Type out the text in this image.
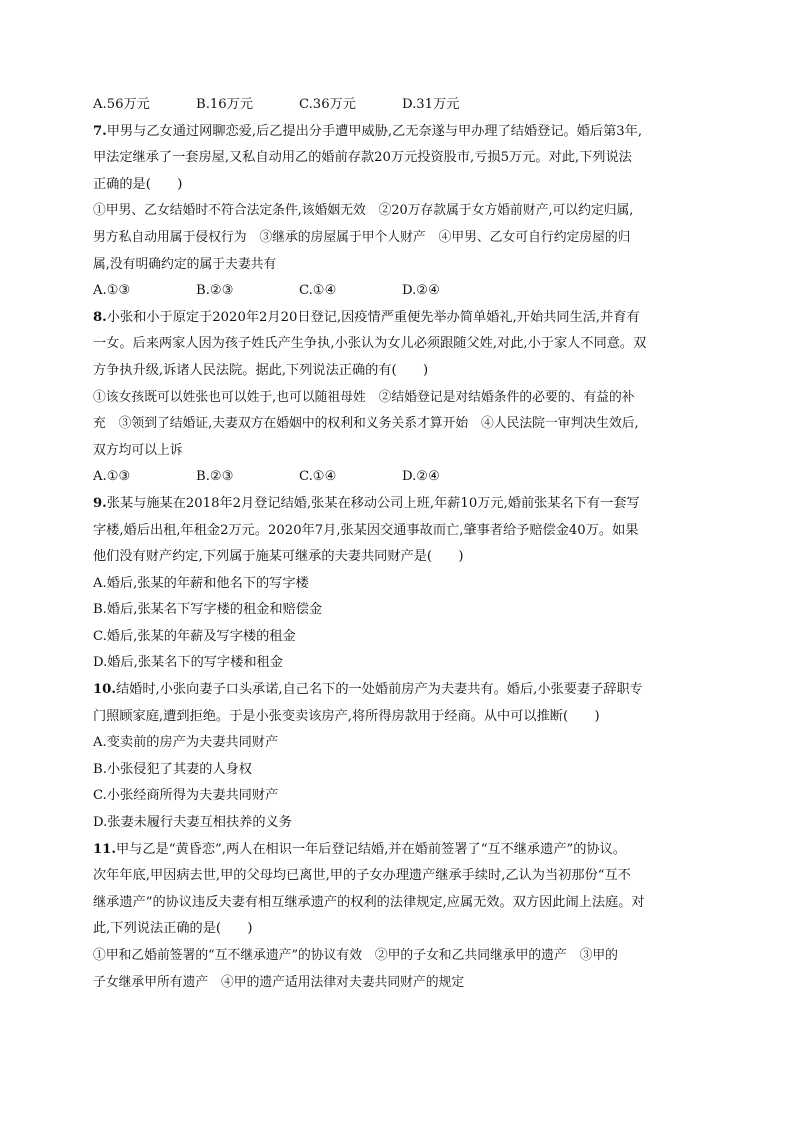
A.56万元	B.16万元	C.36万元	D.31万元
7.甲男与乙女通过网聊恋爱,后乙提出分手遭甲威胁,乙无奈遂与甲办理了结婚登记。婚后第3年,
甲法定继承了一套房屋,又私自动用乙的婚前存款20万元投资股市,亏损5万元。对此,下列说法
正确的是(　　)
①甲男、乙女结婚时不符合法定条件,该婚姻无效　②20万存款属于女方婚前财产,可以约定归属,
男方私自动用属于侵权行为　③继承的房屋属于甲个人财产　④甲男、乙女可自行约定房屋的归
属,没有明确约定的属于夫妻共有
A.①③	B.②③	C.①④	D.②④
8.小张和小于原定于2020年2月20日登记,因疫情严重便先举办简单婚礼,开始共同生活,并育有
一女。后来两家人因为孩子姓氏产生争执,小张认为女儿必须跟随父姓,对此,小于家人不同意。双
方争执升级,诉诸人民法院。据此,下列说法正确的有(　　)
①该女孩既可以姓张也可以姓于,也可以随祖母姓　②结婚登记是对结婚条件的必要的、有益的补
充　③领到了结婚证,夫妻双方在婚姻中的权利和义务关系才算开始　④人民法院一审判决生效后,
双方均可以上诉
A.①③	B.②③	C.①④	D.②④
9.张某与施某在2018年2月登记结婚,张某在移动公司上班,年薪10万元,婚前张某名下有一套写
字楼,婚后出租,年租金2万元。2020年7月,张某因交通事故而亡,肇事者给予赔偿金40万。如果
他们没有财产约定,下列属于施某可继承的夫妻共同财产是(　　)
A.婚后,张某的年薪和他名下的写字楼
B.婚后,张某名下写字楼的租金和赔偿金
C.婚后,张某的年薪及写字楼的租金
D.婚后,张某名下的写字楼和租金
10.结婚时,小张向妻子口头承诺,自己名下的一处婚前房产为夫妻共有。婚后,小张要妻子辞职专
门照顾家庭,遭到拒绝。于是小张变卖该房产,将所得房款用于经商。从中可以推断(　　)
A.变卖前的房产为夫妻共同财产
B.小张侵犯了其妻的人身权
C.小张经商所得为夫妻共同财产
D.张妻未履行夫妻互相扶养的义务
11.甲与乙是“黄昏恋”,两人在相识一年后登记结婚,并在婚前签署了“互不继承遗产”的协议。
次年年底,甲因病去世,甲的父母均已离世,甲的子女办理遗产继承手续时,乙认为当初那份“互不
继承遗产”的协议违反夫妻有相互继承遗产的权利的法律规定,应属无效。双方因此闹上法庭。对
此,下列说法正确的是(　　)
①甲和乙婚前签署的“互不继承遗产”的协议有效　②甲的子女和乙共同继承甲的遗产　③甲的
子女继承甲所有遗产　④甲的遗产适用法律对夫妻共同财产的规定
